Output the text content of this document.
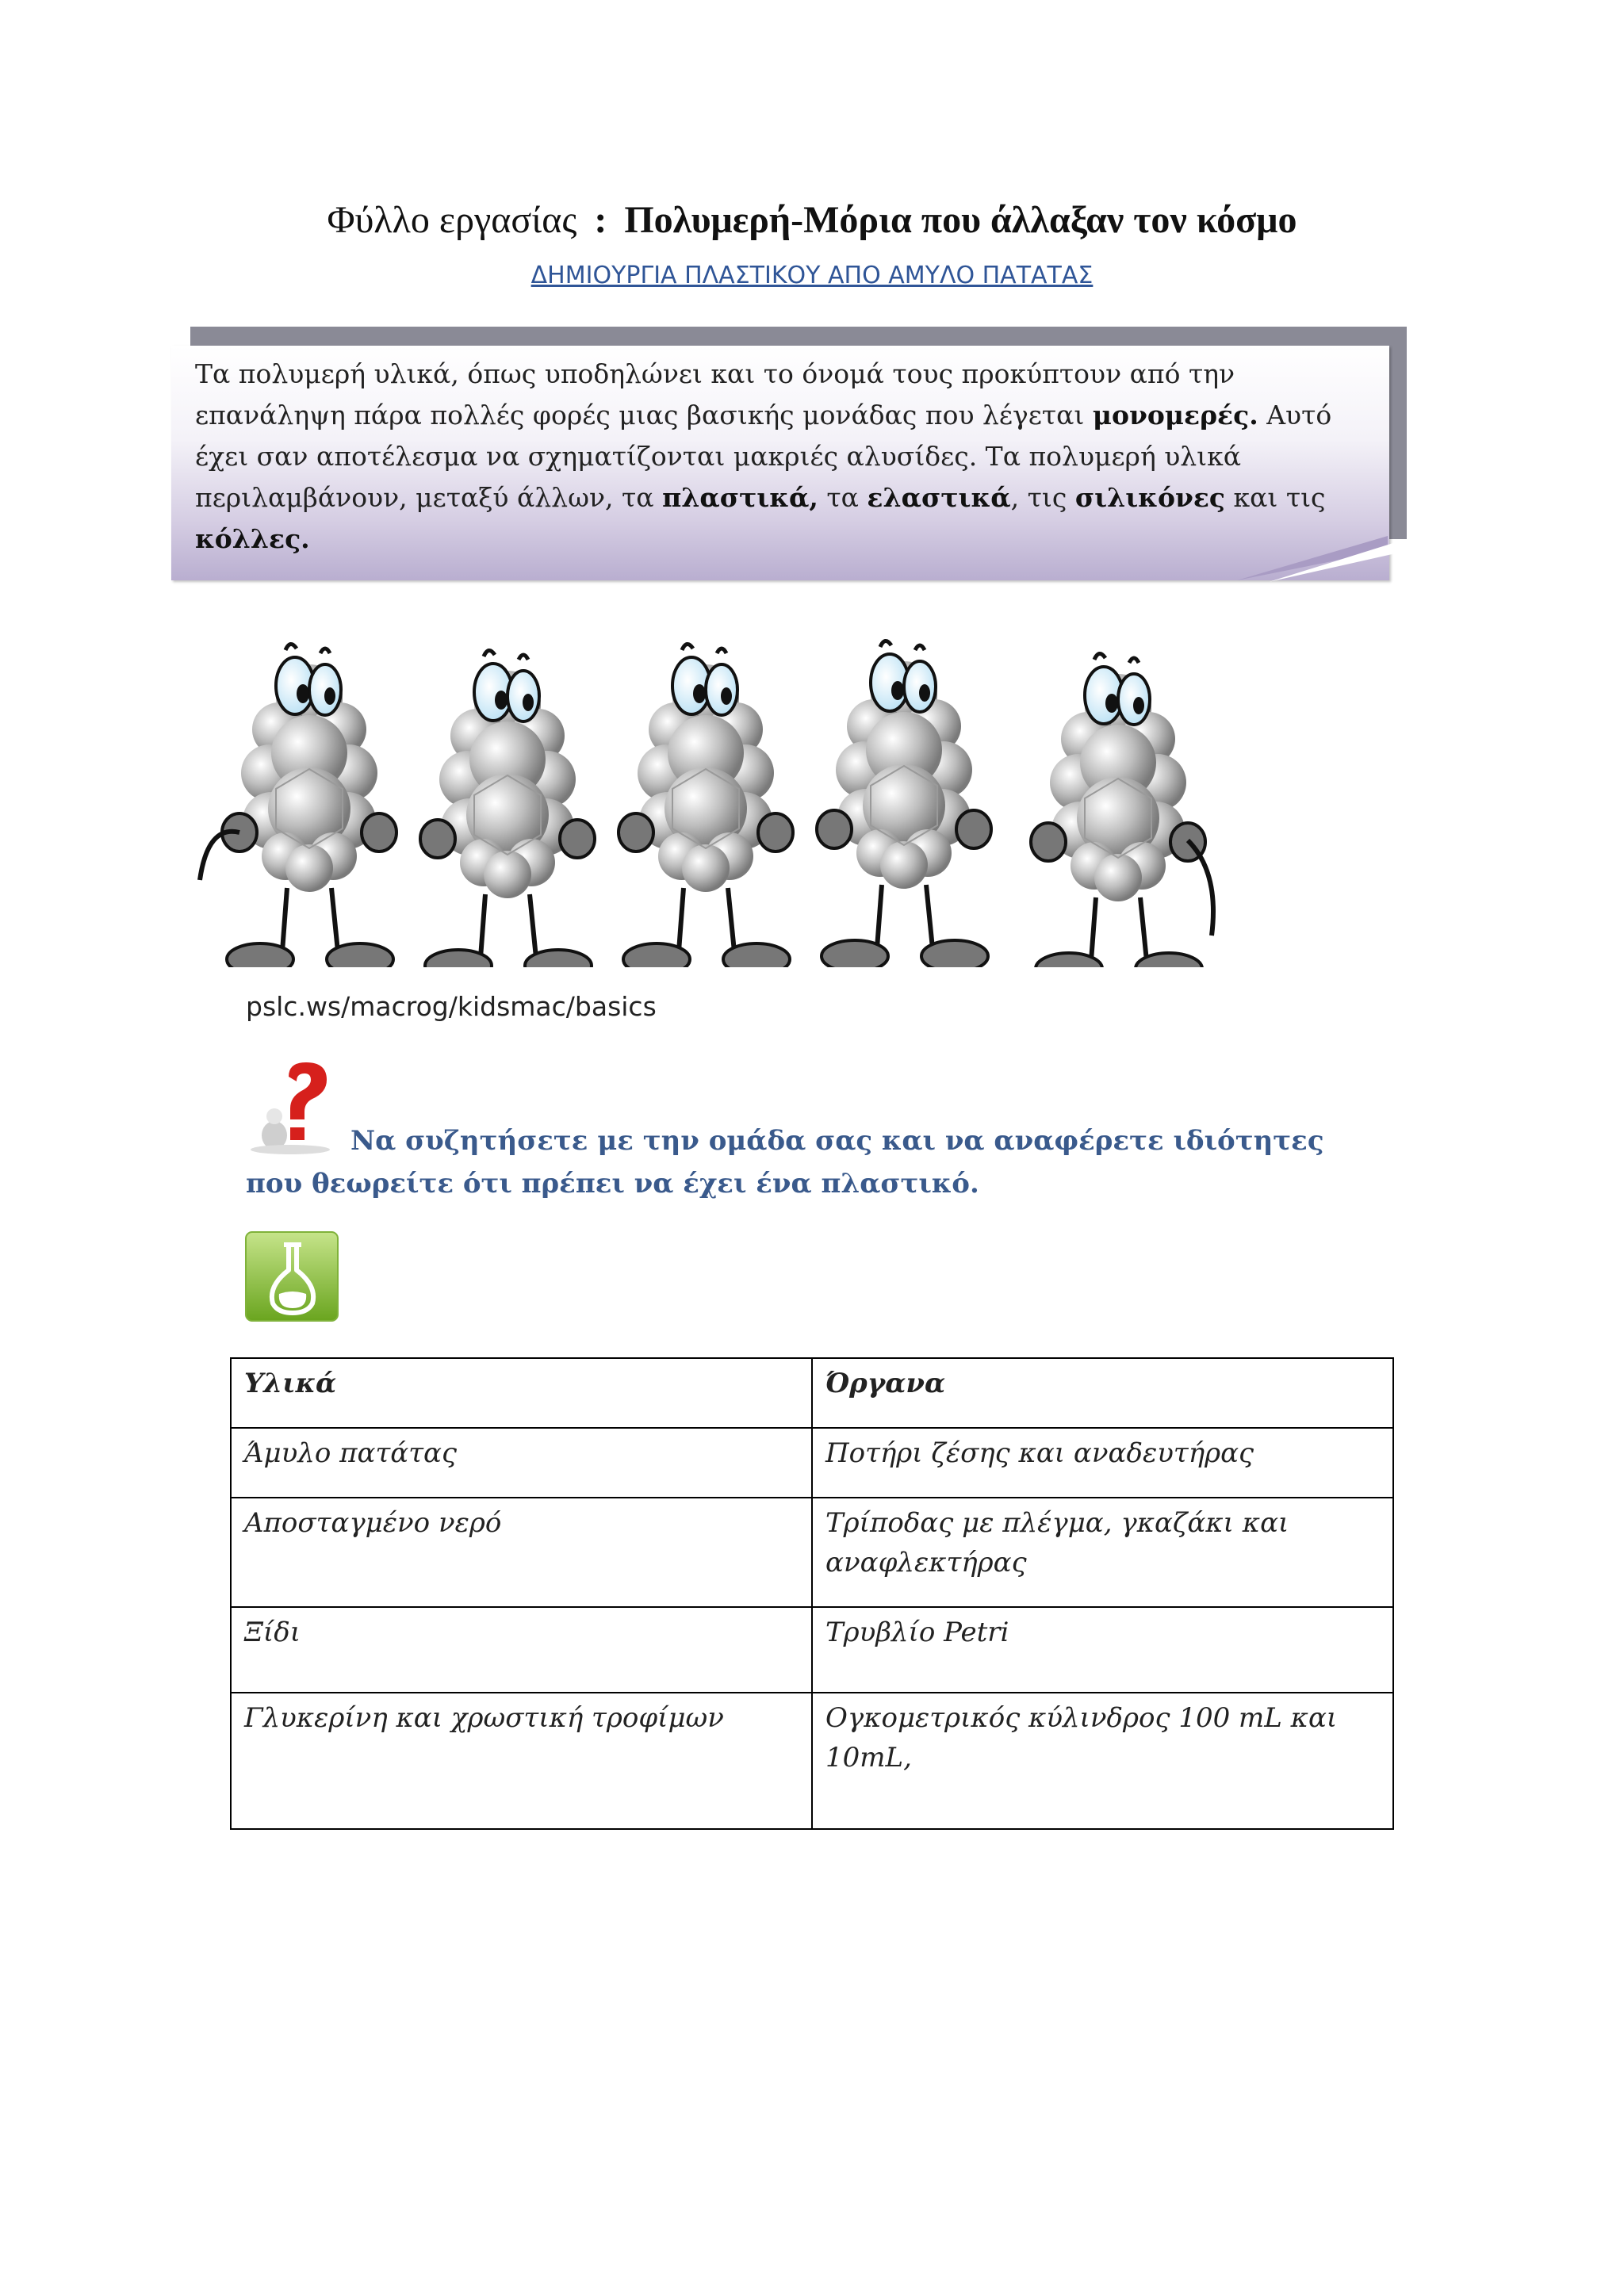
Φύλλο εργασίας : Πολυμερή-Μόρια που άλλαξαν τον κόσμο
ΔΗΜΙΟΥΡΓΙΑ ΠΛΑΣΤΙΚΟΥ ΑΠΟ ΑΜΥΛΟ ΠΑΤΑΤΑΣ
Τα πολυμερή υλικά, όπως υποδηλώνει και το όνομά τους προκύπτουν από την επανάληψη πάρα πολλές φορές μιας βασικής μονάδας που λέγεται μονομερές. Αυτό έχει σαν αποτέλεσμα να σχηματίζονται μακριές αλυσίδες. Τα πολυμερή υλικά περιλαμβάνουν, μεταξύ άλλων, τα πλαστικά, τα ελαστικά, τις σιλικόνες και τις κόλλες.
pslc.ws/macrog/kidsmac/basics
Να συζητήσετε με την ομάδα σας και να αναφέρετε ιδιότητες που θεωρείτε ότι πρέπει να έχει ένα πλαστικό.
Υλικά	Όργανα
Άμυλο πατάτας	Ποτήρι ζέσης και αναδευτήρας
Αποσταγμένο νερό	Τρίποδας με πλέγμα, γκαζάκι και αναφλεκτήρας
Ξίδι	Τρυβλίο Petri
Γλυκερίνη και χρωστική τροφίμων	Ογκομετρικός κύλινδρος 100 mL και 10mL,
